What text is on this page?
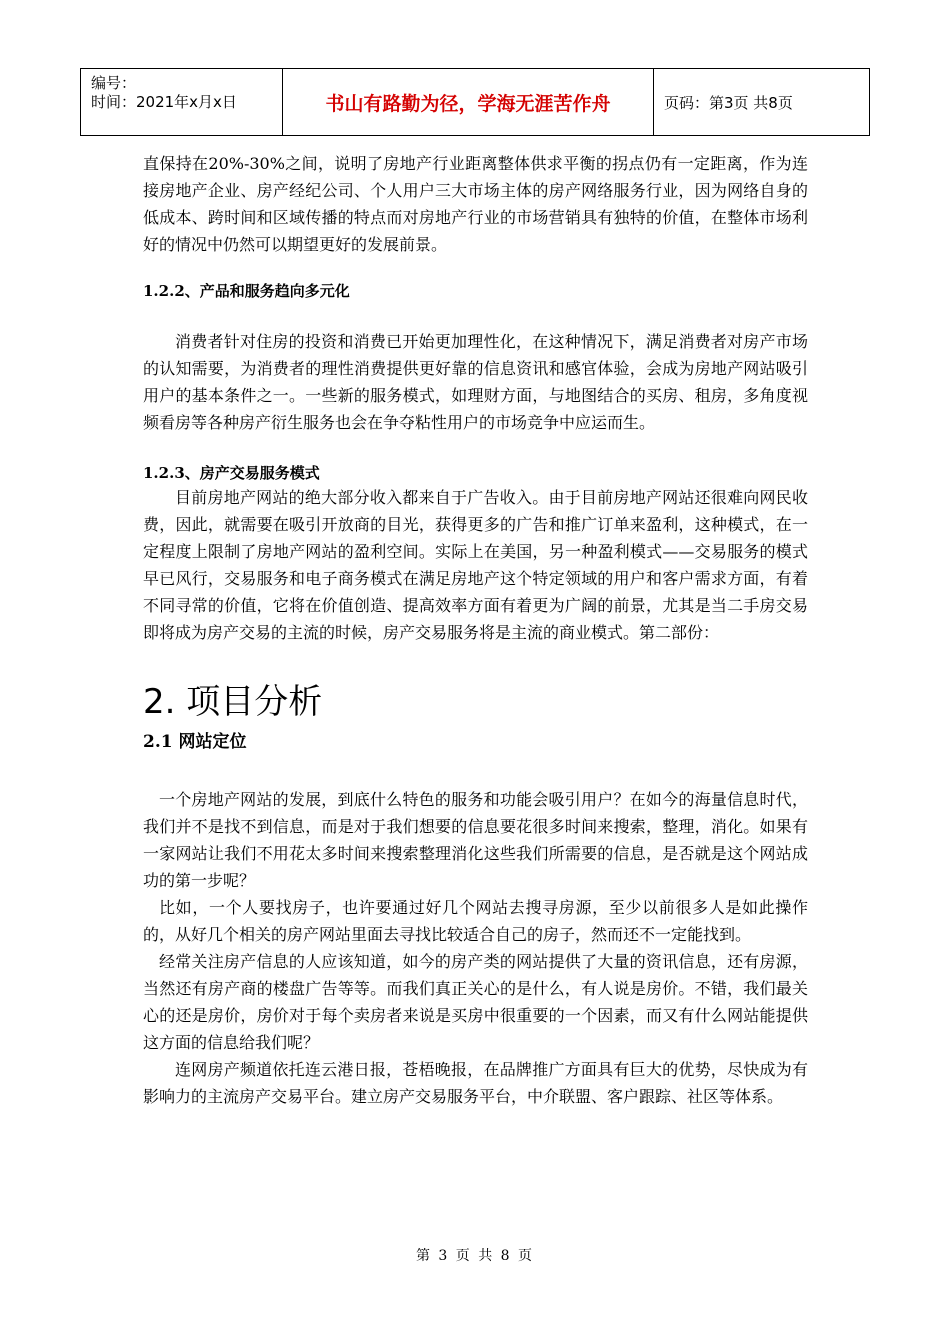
编号：
时间：2021年x月x日	书山有路勤为径，学海无涯苦作舟	页码：第3页 共8页

直保持在20%-30%之间，说明了房地产行业距离整体供求平衡的拐点仍有一定距离，作为连接房地产企业、房产经纪公司、个人用户三大市场主体的房产网络服务行业，因为网络自身的低成本、跨时间和区域传播的特点而对房地产行业的市场营销具有独特的价值，在整体市场利好的情况中仍然可以期望更好的发展前景。

1.2.2、产品和服务趋向多元化

消费者针对住房的投资和消费已开始更加理性化，在这种情况下，满足消费者对房产市场的认知需要，为消费者的理性消费提供更好靠的信息资讯和感官体验，会成为房地产网站吸引用户的基本条件之一。一些新的服务模式，如理财方面，与地图结合的买房、租房，多角度视频看房等各种房产衍生服务也会在争夺粘性用户的市场竞争中应运而生。

1.2.3、房产交易服务模式

目前房地产网站的绝大部分收入都来自于广告收入。由于目前房地产网站还很难向网民收费，因此，就需要在吸引开放商的目光，获得更多的广告和推广订单来盈利，这种模式，在一定程度上限制了房地产网站的盈利空间。实际上在美国，另一种盈利模式——交易服务的模式早已风行，交易服务和电子商务模式在满足房地产这个特定领域的用户和客户需求方面，有着不同寻常的价值，它将在价值创造、提高效率方面有着更为广阔的前景，尤其是当二手房交易即将成为房产交易的主流的时候，房产交易服务将是主流的商业模式。第二部份：

2. 项目分析
2.1 网站定位

一个房地产网站的发展，到底什么特色的服务和功能会吸引用户？在如今的海量信息时代，我们并不是找不到信息，而是对于我们想要的信息要花很多时间来搜索，整理，消化。如果有一家网站让我们不用花太多时间来搜索整理消化这些我们所需要的信息，是否就是这个网站成功的第一步呢？

比如，一个人要找房子，也许要通过好几个网站去搜寻房源，至少以前很多人是如此操作的，从好几个相关的房产网站里面去寻找比较适合自己的房子，然而还不一定能找到。

经常关注房产信息的人应该知道，如今的房产类的网站提供了大量的资讯信息，还有房源，当然还有房产商的楼盘广告等等。而我们真正关心的是什么，有人说是房价。不错，我们最关心的还是房价，房价对于每个卖房者来说是买房中很重要的一个因素，而又有什么网站能提供这方面的信息给我们呢？

连网房产频道依托连云港日报，苍梧晚报，在品牌推广方面具有巨大的优势，尽快成为有影响力的主流房产交易平台。建立房产交易服务平台，中介联盟、客户跟踪、社区等体系。

第 3 页 共 8 页
